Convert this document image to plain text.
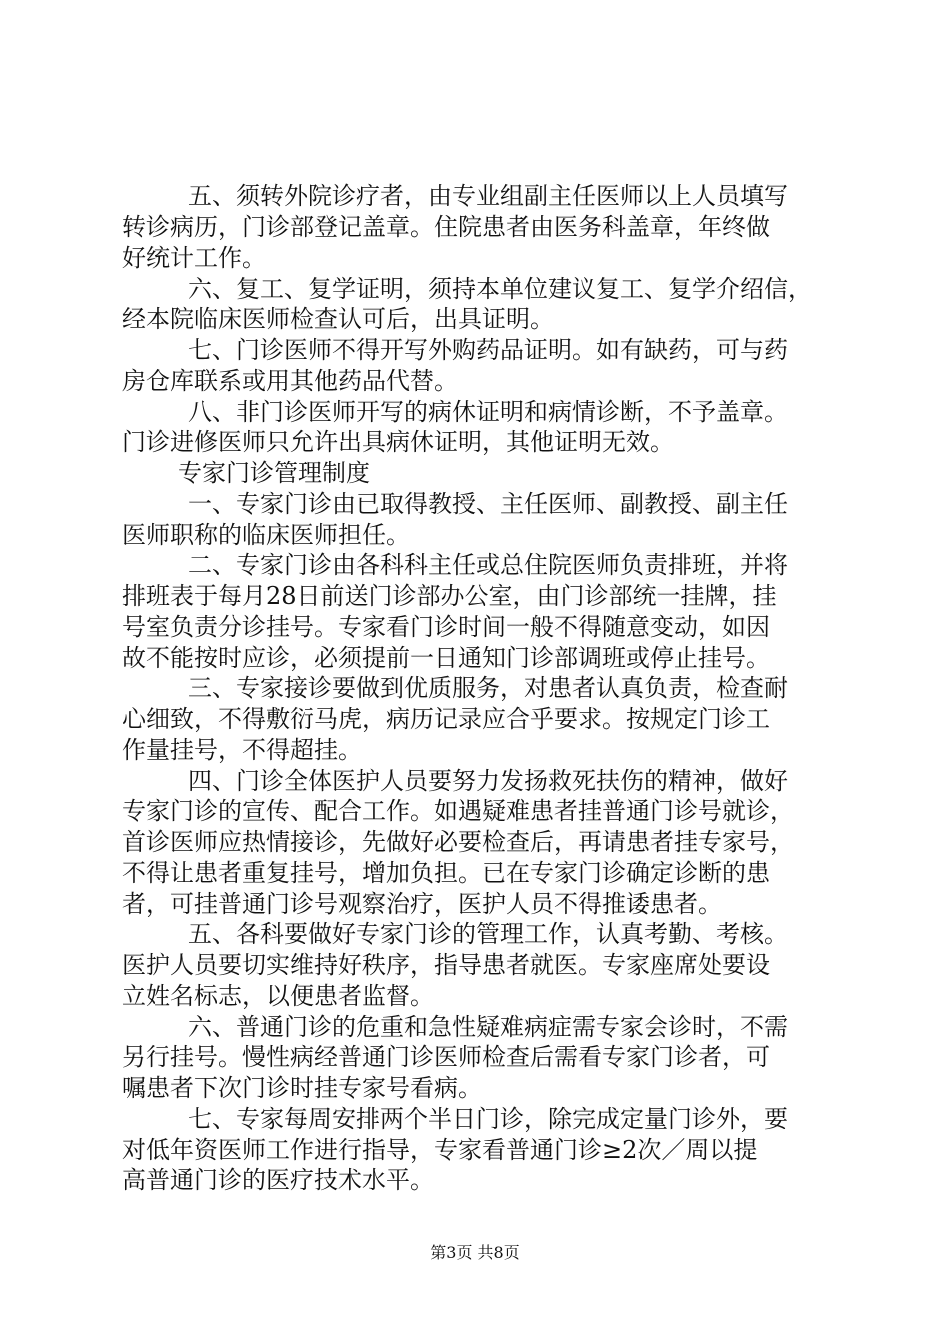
五、须转外院诊疗者，由专业组副主任医师以上人员填写
转诊病历，门诊部登记盖章。住院患者由医务科盖章，年终做
好统计工作。
六、复工、复学证明，须持本单位建议复工、复学介绍信，
经本院临床医师检查认可后，出具证明。
七、门诊医师不得开写外购药品证明。如有缺药，可与药
房仓库联系或用其他药品代替。
八、非门诊医师开写的病休证明和病情诊断，不予盖章。
门诊进修医师只允许出具病休证明，其他证明无效。
专家门诊管理制度
一、专家门诊由已取得教授、主任医师、副教授、副主任
医师职称的临床医师担任。
二、专家门诊由各科科主任或总住院医师负责排班，并将
排班表于每月28日前送门诊部办公室，由门诊部统一挂牌，挂
号室负责分诊挂号。专家看门诊时间一般不得随意变动，如因
故不能按时应诊，必须提前一日通知门诊部调班或停止挂号。
三、专家接诊要做到优质服务，对患者认真负责，检查耐
心细致，不得敷衍马虎，病历记录应合乎要求。按规定门诊工
作量挂号，不得超挂。
四、门诊全体医护人员要努力发扬救死扶伤的精神，做好
专家门诊的宣传、配合工作。如遇疑难患者挂普通门诊号就诊，
首诊医师应热情接诊，先做好必要检查后，再请患者挂专家号，
不得让患者重复挂号，增加负担。已在专家门诊确定诊断的患
者，可挂普通门诊号观察治疗，医护人员不得推诿患者。
五、各科要做好专家门诊的管理工作，认真考勤、考核。
医护人员要切实维持好秩序，指导患者就医。专家座席处要设
立姓名标志，以便患者监督。
六、普通门诊的危重和急性疑难病症需专家会诊时，不需
另行挂号。慢性病经普通门诊医师检查后需看专家门诊者，可
嘱患者下次门诊时挂专家号看病。
七、专家每周安排两个半日门诊，除完成定量门诊外，要
对低年资医师工作进行指导，专家看普通门诊≥2次／周以提
高普通门诊的医疗技术水平。
第3页 共8页
